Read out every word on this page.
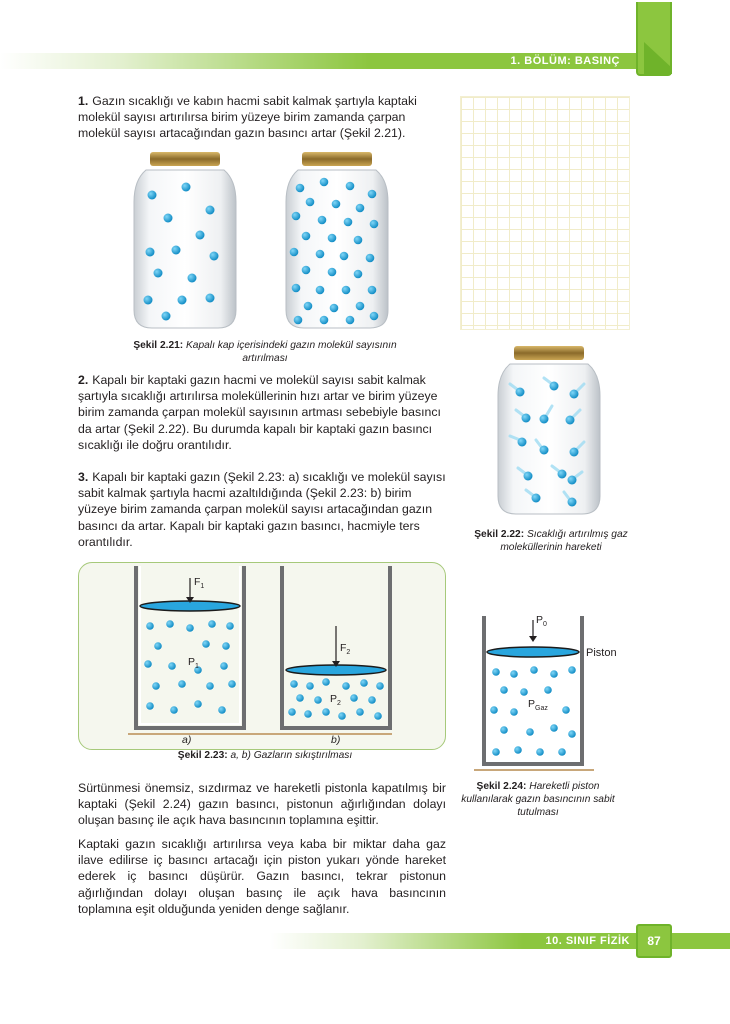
1. BÖLÜM: BASINÇ

1. Gazın sıcaklığı ve kabın hacmi sabit kalmak şartıyla kaptaki molekül sayısı artırılırsa birim yüzeye birim zamanda çarpan molekül sayısı artacağından gazın basıncı artar (Şekil 2.21).

Şekil 2.21: Kapalı kap içerisindeki gazın molekül sayısının artırılması
Şekil 2.22: Sıcaklığı artırılmış gaz moleküllerinin hareketi

2. Kapalı bir kaptaki gazın hacmi ve molekül sayısı sabit kalmak şartıyla sıcaklığı artırılırsa moleküllerinin hızı artar ve birim yüzeye birim zamanda çarpan molekül sayısının artması sebebiyle basıncı da artar (Şekil 2.22). Bu durumda kapalı bir kaptaki gazın basıncı sıcaklığı ile doğru orantılıdır.

3. Kapalı bir kaptaki gazın (Şekil 2.23: a) sıcaklığı ve molekül sayısı sabit kalmak şartıyla hacmi azaltıldığında (Şekil 2.23: b) birim yüzeye birim zamanda çarpan molekül sayısı artacağından gazın basıncı da artar. Kapalı bir kaptaki gazın basıncı, hacmiyle ters orantılıdır.

$F_1$
$P_1$
$F_2$
$P_2$
a)	b)
Şekil 2.23: a, b) Gazların sıkıştırılması
$P_0$
Piston
$P_{Gaz}$
Şekil 2.24: Hareketli piston kullanılarak gazın basıncının sabit tutulması

Sürtünmesi önemsiz, sızdırmaz ve hareketli pistonla kapatılmış bir kaptaki (Şekil 2.24) gazın basıncı, pistonun ağırlığından dolayı oluşan basınç ile açık hava basıncının toplamına eşittir.

Kaptaki gazın sıcaklığı artırılırsa veya kaba bir miktar daha gaz ilave edilirse iç basıncı artacağı için piston yukarı yönde hareket ederek iç basıncı düşürür. Gazın basıncı, tekrar pistonun ağırlığından dolayı oluşan basınç ile açık hava basıncının toplamına eşit olduğunda yeniden denge sağlanır.

10. SINIF FİZİK	87
